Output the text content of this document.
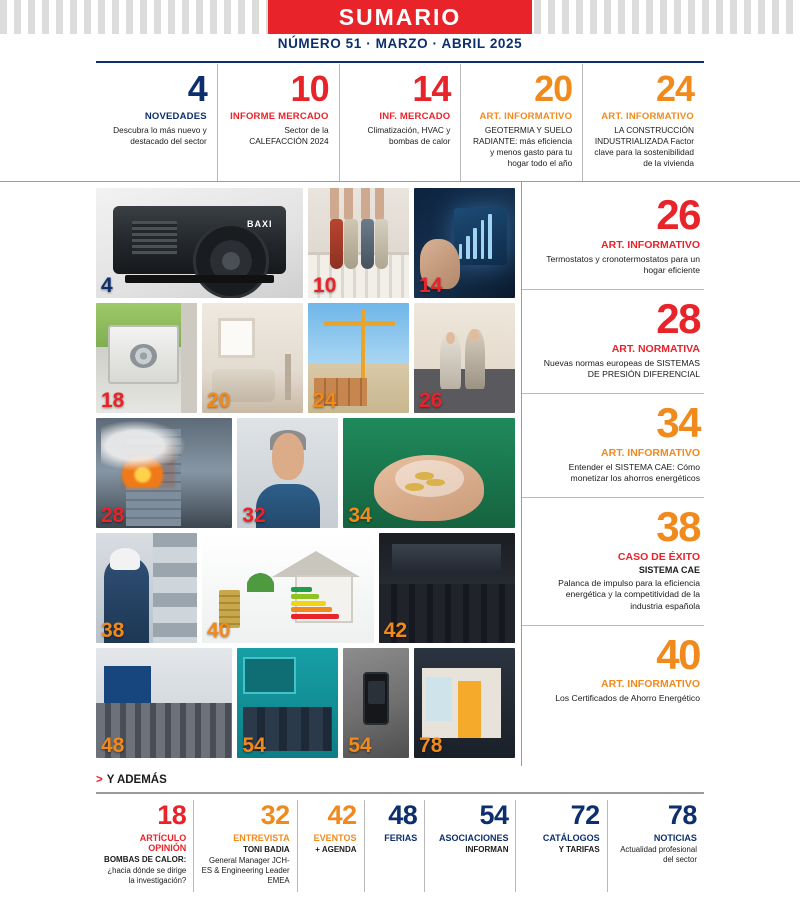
SUMARIO
NÚMERO 51 · MARZO · ABRIL 2025
4
NOVEDADES
Descubra lo más nuevo y destacado del sector
10
INFORME MERCADO
Sector de la CALEFACCIÓN 2024
14
INF. MERCADO
Climatización, HVAC y bombas de calor
20
ART. INFORMATIVO
GEOTERMIA Y SUELO RADIANTE: más eficiencia y menos gasto para tu hogar todo el año
24
ART. INFORMATIVO
LA CONSTRUCCIÓN INDUSTRIALIZADA Factor clave para la sostenibilidad de la vivienda
BAXI
4	10	14
18	20	24	26
28	32	34
38	40	42
48	54	54 78
26
ART. INFORMATIVO
Termostatos y cronotermostatos para un hogar eficiente
28
ART. NORMATIVA
Nuevas normas europeas de SISTEMAS DE PRESIÓN DIFERENCIAL
34
ART. INFORMATIVO
Entender el SISTEMA CAE: Cómo monetizar los ahorros energéticos
38
CASO DE ÉXITO
SISTEMA CAE
Palanca de impulso para la eficiencia energética y la competitividad de la industria española
40
ART. INFORMATIVO
Los Certificados de Ahorro Energético
> Y ADEMÁS
18
ARTÍCULO OPINIÓN
BOMBAS DE CALOR:
¿hacia dónde se dirige la investigación?
32
ENTREVISTA
TONI BADIA
General Manager JCH-ES & Engineering Leader EMEA
42
EVENTOS
+ AGENDA
48
FERIAS
54
ASOCIACIONES
INFORMAN
72
CATÁLOGOS
Y TARIFAS
78
NOTICIAS
Actualidad profesional del sector
